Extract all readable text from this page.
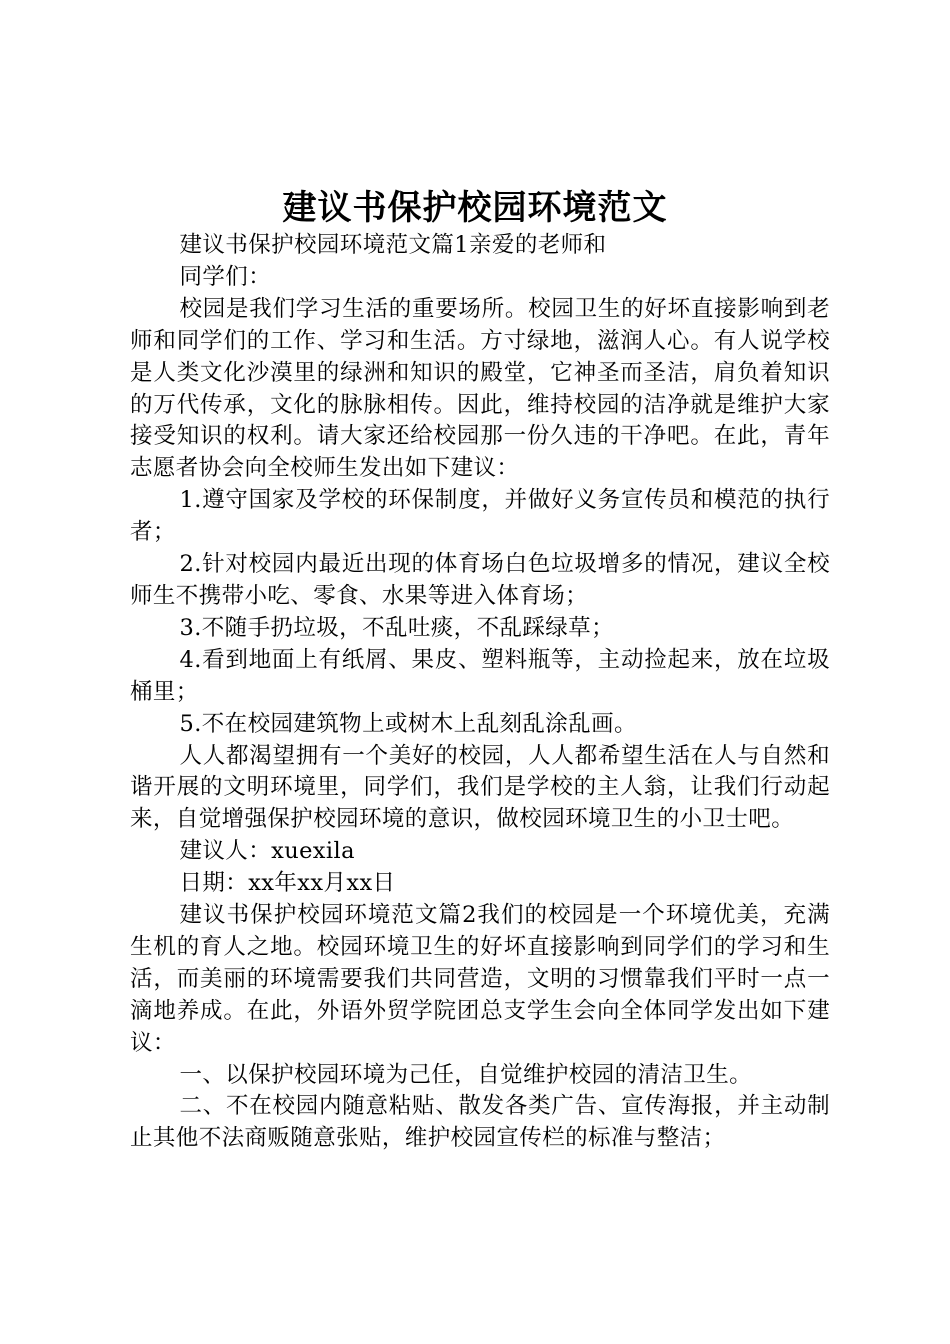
建议书保护校园环境范文

建议书保护校园环境范文篇1亲爱的老师和

同学们：

校园是我们学习生活的重要场所。校园卫生的好坏直接影响到老师和同学们的工作、学习和生活。方寸绿地，滋润人心。有人说学校是人类文化沙漠里的绿洲和知识的殿堂，它神圣而圣洁，肩负着知识的万代传承，文化的脉脉相传。因此，维持校园的洁净就是维护大家接受知识的权利。请大家还给校园那一份久违的干净吧。在此，青年志愿者协会向全校师生发出如下建议：

1.遵守国家及学校的环保制度，并做好义务宣传员和模范的执行者；

2.针对校园内最近出现的体育场白色垃圾增多的情况，建议全校师生不携带小吃、零食、水果等进入体育场；

3.不随手扔垃圾，不乱吐痰，不乱踩绿草；

4.看到地面上有纸屑、果皮、塑料瓶等，主动捡起来，放在垃圾桶里；

5.不在校园建筑物上或树木上乱刻乱涂乱画。

人人都渴望拥有一个美好的校园，人人都希望生活在人与自然和谐开展的文明环境里，同学们，我们是学校的主人翁，让我们行动起来，自觉增强保护校园环境的意识，做校园环境卫生的小卫士吧。

建议人：xuexila

日期：xx年xx月xx日

建议书保护校园环境范文篇2我们的校园是一个环境优美，充满生机的育人之地。校园环境卫生的好坏直接影响到同学们的学习和生活，而美丽的环境需要我们共同营造，文明的习惯靠我们平时一点一滴地养成。在此，外语外贸学院团总支学生会向全体同学发出如下建议：

一、以保护校园环境为己任，自觉维护校园的清洁卫生。

二、不在校园内随意粘贴、散发各类广告、宣传海报，并主动制止其他不法商贩随意张贴，维护校园宣传栏的标准与整洁；
